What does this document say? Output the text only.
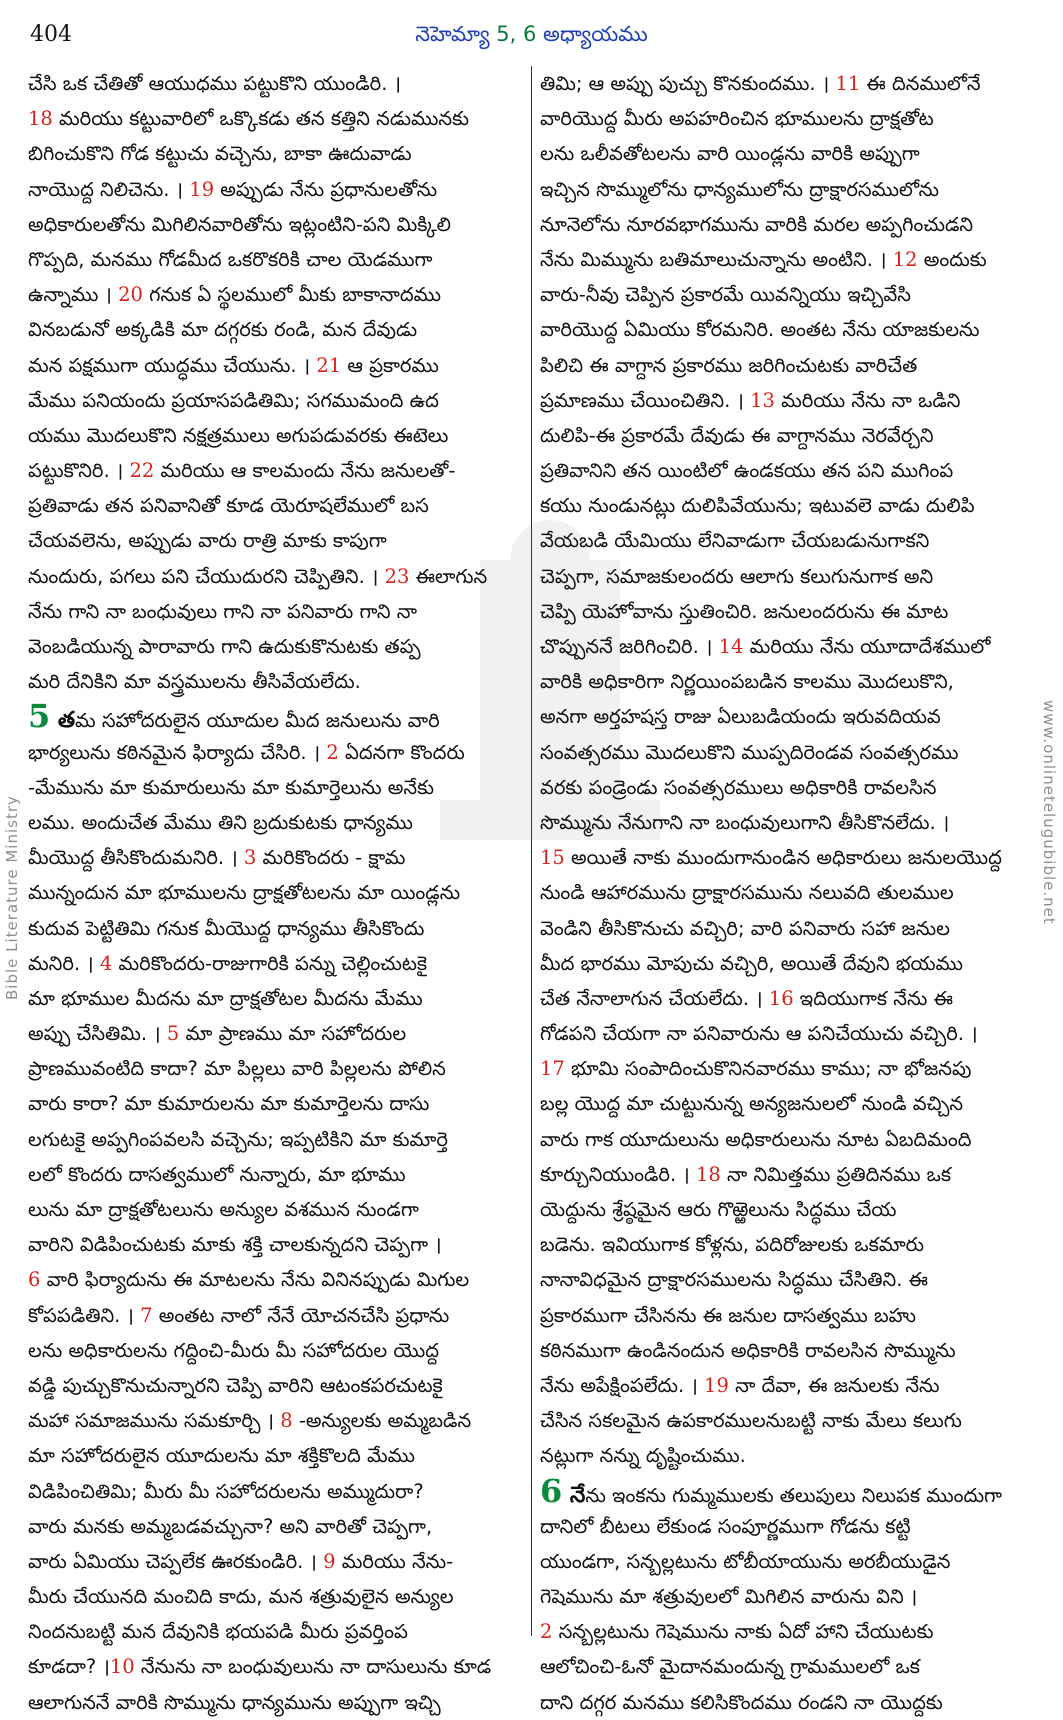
404	నెహెమ్యా 5, 6 అధ్యాయము
చేసి ఒక చేతితో ఆయుధము పట్టుకొని యుండిరి. ।
18 మరియు కట్టువారిలో ఒక్కొకడు తన కత్తిని నడుమునకు
బిగించుకొని గోడ కట్టుచు వచ్చెను, బాకా ఊదువాడు
నాయొద్ద నిలిచెను. । 19 అప్పుడు నేను ప్రధానులతోను
అధికారులతోను మిగిలినవారితోను ఇట్లంటిని-పని మిక్కిలి
గొప్పది, మనము గోడమీద ఒకరొకరికి చాల యెడముగా
ఉన్నాము । 20 గనుక ఏ స్థలములో మీకు బాకానాదము
వినబడునో అక్కడికి మా దగ్గరకు రండి, మన దేవుడు
మన పక్షముగా యుద్ధము చేయును. । 21 ఆ ప్రకారము
మేము పనియందు ప్రయాసపడితిమి; సగముమంది ఉద
యము మొదలుకొని నక్షత్రములు అగుపడువరకు ఈటెలు
పట్టుకొనిరి. । 22 మరియు ఆ కాలమందు నేను జనులతో-
ప్రతివాడు తన పనివానితో కూడ యెరూషలేములో బస
చేయవలెను, అప్పుడు వారు రాత్రి మాకు కాపుగా
నుందురు, పగలు పని చేయుదురని చెప్పితిని. । 23 ఈలాగున
నేను గాని నా బంధువులు గాని నా పనివారు గాని నా
వెంబడియున్న పారావారు గాని ఉదుకుకొనుటకు తప్ప
మరి దేనికిని మా వస్త్రములను తీసివేయలేదు.
5 తమ సహోదరులైన యూదుల మీద జనులును వారి
భార్యలును కఠినమైన ఫిర్యాదు చేసిరి. । 2 ఏదనగా కొందరు
-మేమును మా కుమారులును మా కుమార్తెలును అనేకు
లము. అందుచేత మేము తిని బ్రదుకుటకు ధాన్యము
మీయొద్ద తీసికొందుమనిరి. । 3 మరికొందరు - క్షామ
మున్నందున మా భూములను ద్రాక్షతోటలను మా యిండ్లను
కుదువ పెట్టితిమి గనుక మీయొద్ద ధాన్యము తీసికొందు
మనిరి. । 4 మరికొందరు-రాజుగారికి పన్ను చెల్లించుటకై
మా భూముల మీదను మా ద్రాక్షతోటల మీదను మేము
అప్పు చేసితిమి. । 5 మా ప్రాణము మా సహోదరుల
ప్రాణమువంటిది కాదా? మా పిల్లలు వారి పిల్లలను పోలిన
వారు కారా? మా కుమారులను మా కుమార్తెలను దాసు
లగుటకై అప్పగింపవలసి వచ్చెను; ఇప్పటికిని మా కుమార్తె
లలో కొందరు దాసత్వములో నున్నారు, మా భూము
లును మా ద్రాక్షతోటలును అన్యుల వశమున నుండగా
వారిని విడిపించుటకు మాకు శక్తి చాలకున్నదని చెప్పగా ।
6 వారి ఫిర్యాదును ఈ మాటలను నేను వినినప్పుడు మిగుల
కోపపడితిని. । 7 అంతట నాలో నేనే యోచనచేసి ప్రధాను
లను అధికారులను గద్దించి-మీరు మీ సహోదరుల యొద్ద
వడ్డి పుచ్చుకొనుచున్నారని చెప్పి వారిని ఆటంకపరచుటకై
మహా సమాజమును సమకూర్చి । 8 -అన్యులకు అమ్మబడిన
మా సహోదరులైన యూదులను మా శక్తికొలది మేము
విడిపించితిమి; మీరు మీ సహోదరులను అమ్ముదురా?
వారు మనకు అమ్మబడవచ్చునా? అని వారితో చెప్పగా,
వారు ఏమియు చెప్పలేక ఊరకుండిరి. । 9 మరియు నేను-
మీరు చేయునది మంచిది కాదు, మన శత్రువులైన అన్యుల
నిందనుబట్టి మన దేవునికి భయపడి మీరు ప్రవర్తింప
కూడదా? ।10 నేనును నా బంధువులును నా దాసులును కూడ
ఆలాగుననే వారికి సొమ్మును ధాన్యమును అప్పుగా ఇచ్చి
తిమి; ఆ అప్పు పుచ్చు కొనకుందము. । 11 ఈ దినములోనే
వారియొద్ద మీరు అపహరించిన భూములను ద్రాక్షతోట
లను ఒలీవతోటలను వారి యిండ్లను వారికి అప్పుగా
ఇచ్చిన సొమ్ములోను ధాన్యములోను ద్రాక్షారసములోను
నూనెలోను నూరవభాగమును వారికి మరల అప్పగించుడని
నేను మిమ్మును బతిమాలుచున్నాను అంటిని. । 12 అందుకు
వారు-నీవు చెప్పిన ప్రకారమే యివన్నియు ఇచ్చివేసి
వారియొద్ద ఏమియు కోరమనిరి. అంతట నేను యాజకులను
పిలిచి ఈ వాగ్దాన ప్రకారము జరిగించుటకు వారిచేత
ప్రమాణము చేయించితిని. । 13 మరియు నేను నా ఒడిని
దులిపి-ఈ ప్రకారమే దేవుడు ఈ వాగ్దానము నెరవేర్చని
ప్రతివానిని తన యింటిలో ఉండకయు తన పని ముగింప
కయు నుండునట్లు దులిపివేయును; ఇటువలె వాడు దులిపి
వేయబడి యేమియు లేనివాడుగా చేయబడునుగాకని
చెప్పగా, సమాజకులందరు ఆలాగు కలుగునుగాక అని
చెప్పి యెహోవాను స్తుతించిరి. జనులందరును ఈ మాట
చొప్పుననే జరిగించిరి. । 14 మరియు నేను యూదాదేశములో
వారికి అధికారిగా నిర్ణయింపబడిన కాలము మొదలుకొని,
అనగా అర్తహషస్త రాజు ఏలుబడియందు ఇరువదియవ
సంవత్సరము మొదలుకొని ముప్పదిరెండవ సంవత్సరము
వరకు పండ్రెండు సంవత్సరములు అధికారికి రావలసిన
సొమ్మును నేనుగాని నా బంధువులుగాని తీసికొనలేదు. ।
15 అయితే నాకు ముందుగానుండిన అధికారులు జనులయొద్ద
నుండి ఆహారమును ద్రాక్షారసమును నలువది తులముల
వెండిని తీసికొనుచు వచ్చిరి; వారి పనివారు సహా జనుల
మీద భారము మోపుచు వచ్చిరి, అయితే దేవుని భయము
చేత నేనాలాగున చేయలేదు. । 16 ఇదియుగాక నేను ఈ
గోడపని చేయగా నా పనివారును ఆ పనిచేయుచు వచ్చిరి. ।
17 భూమి సంపాదించుకొనినవారము కాము; నా భోజనపు
బల్ల యొద్ద మా చుట్టునున్న అన్యజనులలో నుండి వచ్చిన
వారు గాక యూదులును అధికారులును నూట ఏబదిమంది
కూర్చునియుండిరి. । 18 నా నిమిత్తము ప్రతిదినము ఒక
యెద్దును శ్రేష్ఠమైన ఆరు గొఱ్ఱెలును సిద్ధము చేయ
బడెను. ఇవియుగాక కోళ్లను, పదిరోజులకు ఒకమారు
నానావిధమైన ద్రాక్షారసములను సిద్ధము చేసితిని. ఈ
ప్రకారముగా చేసినను ఈ జనుల దాసత్వము బహు
కఠినముగా ఉండినందున అధికారికి రావలసిన సొమ్మును
నేను అపేక్షింపలేదు. । 19 నా దేవా, ఈ జనులకు నేను
చేసిన సకలమైన ఉపకారములనుబట్టి నాకు మేలు కలుగు
నట్లుగా నన్ను దృష్టించుము.
6 నేను ఇంకను గుమ్మములకు తలుపులు నిలుపక ముందుగా
దానిలో బీటలు లేకుండ సంపూర్ణముగా గోడను కట్టి
యుండగా, సన్బల్లటును టోబీయాయును అరబీయుడైన
గెషెమును మా శత్రువులలో మిగిలిన వారును విని ।
2 సన్బల్లటును గెషెమును నాకు ఏదో హాని చేయుటకు
ఆలోచించి-ఓనో మైదానమందున్న గ్రామములలో ఒక
దాని దగ్గర మనము కలిసికొందము రండని నా యొద్దకు
Bible Literature Ministry	www.onlinetelugubible.net
